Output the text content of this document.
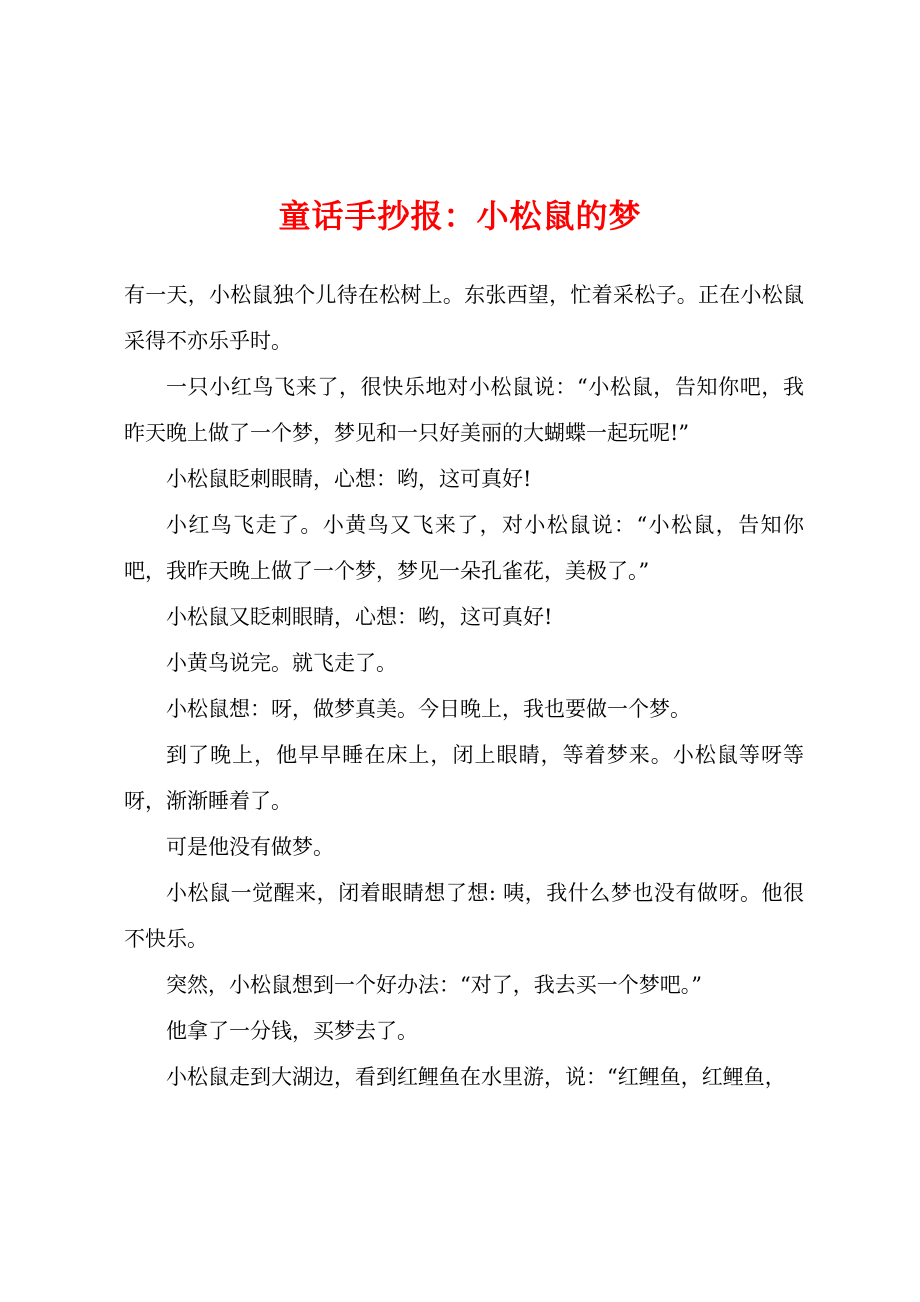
童话手抄报：小松鼠的梦

有一天，小松鼠独个儿待在松树上。东张西望，忙着采松子。正在小松鼠采得不亦乐乎时。

一只小红鸟飞来了，很快乐地对小松鼠说：“小松鼠，告知你吧，我昨天晚上做了一个梦，梦见和一只好美丽的大蝴蝶一起玩呢!”

小松鼠眨刺眼睛，心想：哟，这可真好!

小红鸟飞走了。小黄鸟又飞来了，对小松鼠说：“小松鼠，告知你吧，我昨天晚上做了一个梦，梦见一朵孔雀花，美极了。”

小松鼠又眨刺眼睛，心想：哟，这可真好!

小黄鸟说完。就飞走了。

小松鼠想：呀，做梦真美。今日晚上，我也要做一个梦。

到了晚上，他早早睡在床上，闭上眼睛，等着梦来。小松鼠等呀等呀，渐渐睡着了。

可是他没有做梦。

小松鼠一觉醒来，闭着眼睛想了想: 咦，我什么梦也没有做呀。他很不快乐。

突然，小松鼠想到一个好办法：“对了，我去买一个梦吧。”

他拿了一分钱，买梦去了。

小松鼠走到大湖边，看到红鲤鱼在水里游，说：“红鲤鱼，红鲤鱼，
